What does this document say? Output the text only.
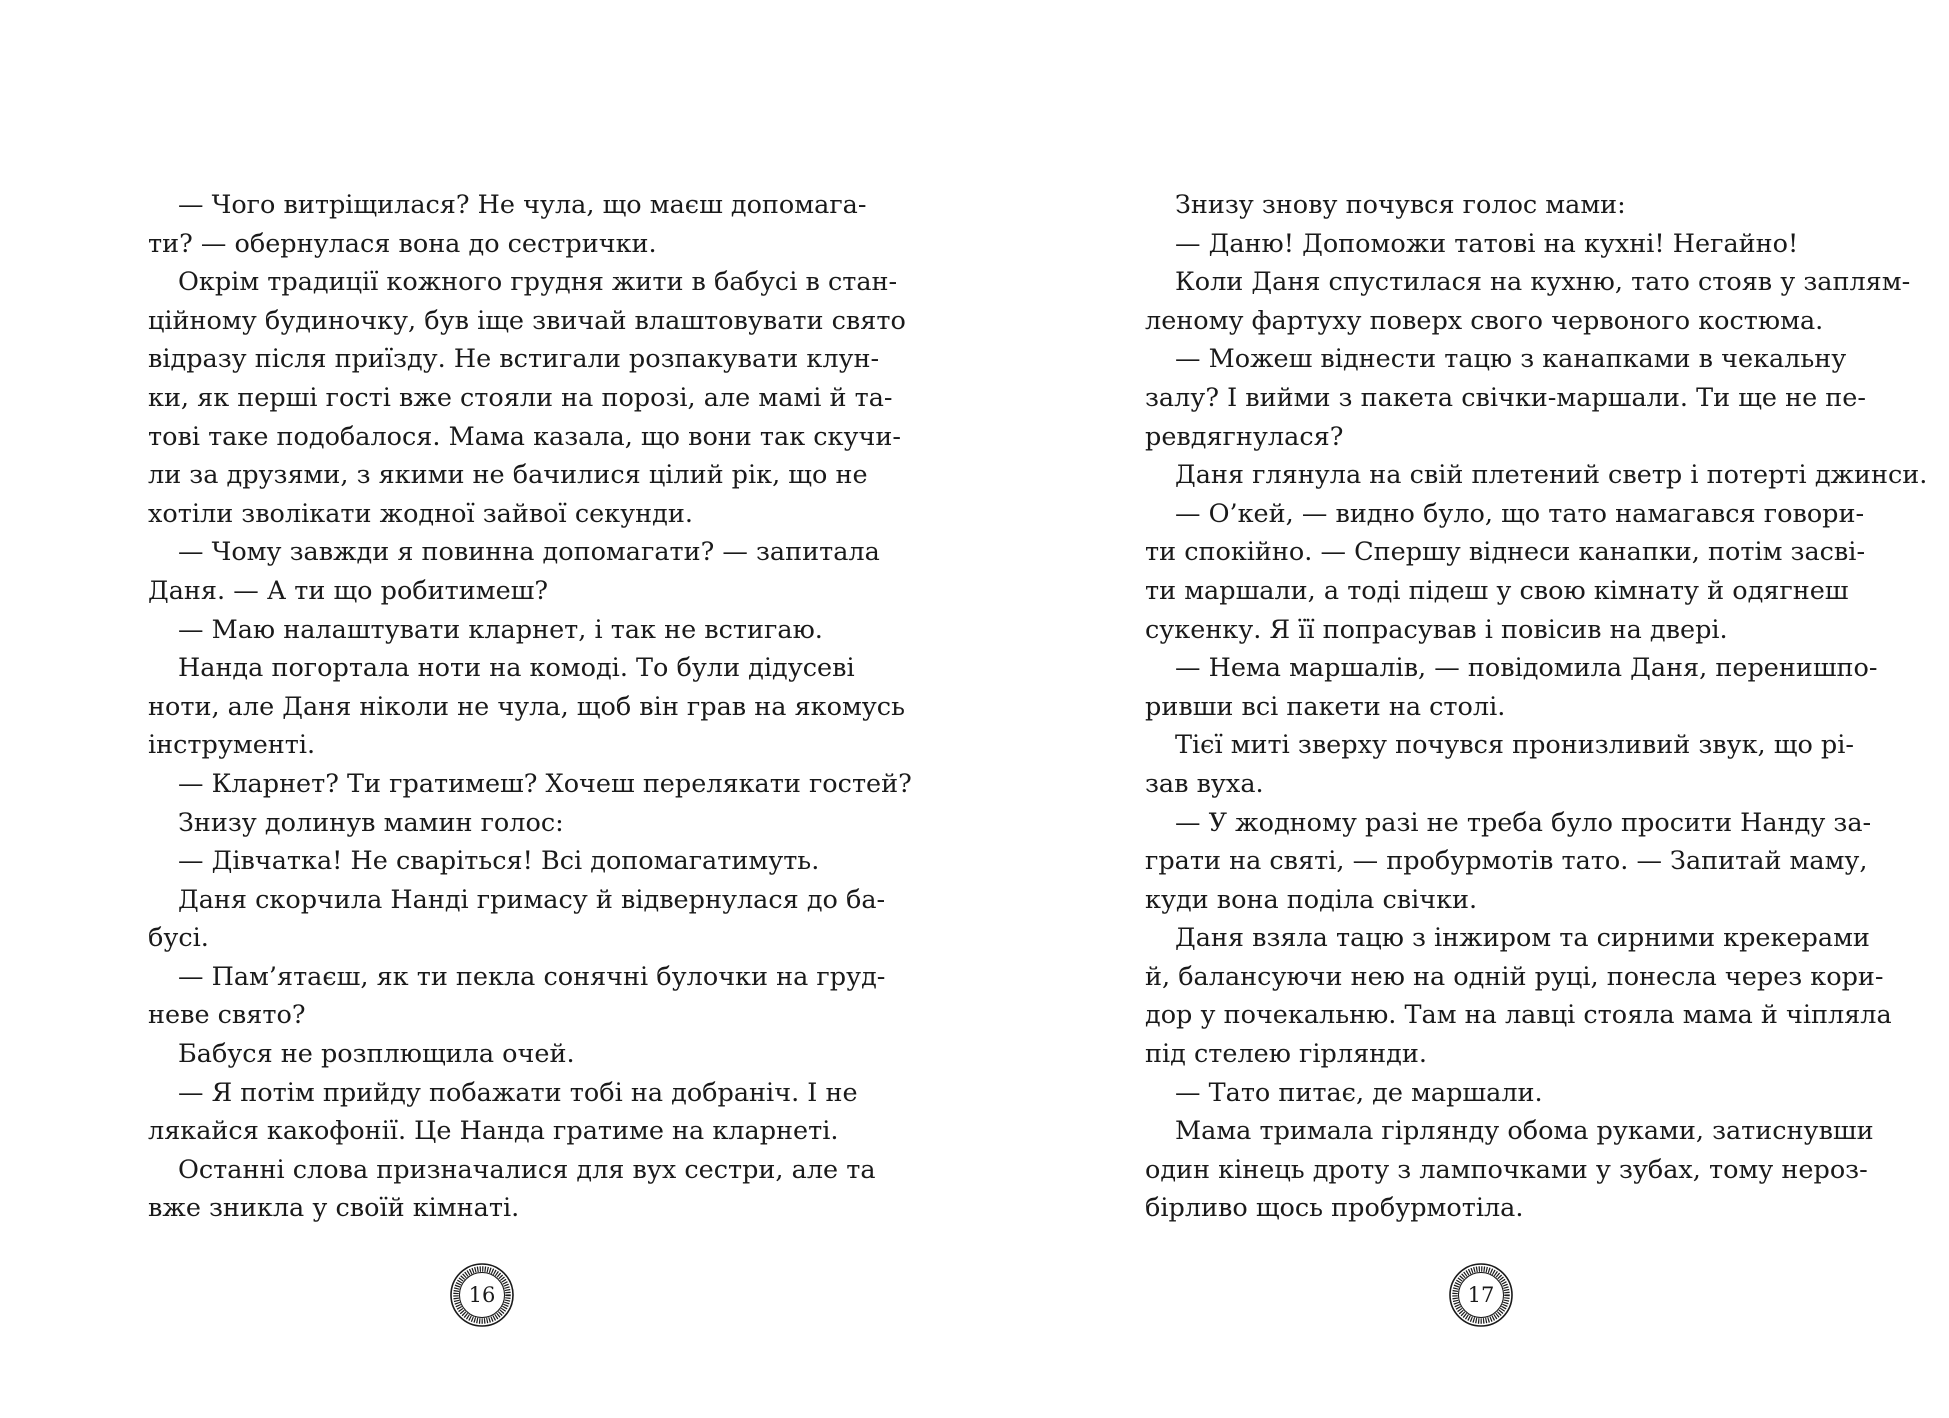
— Чого витріщилася? Не чула, що маєш допомага-
ти? — обернулася вона до сестрички.
Окрім традиції кожного грудня жити в бабусі в стан-
ційному будиночку, був іще звичай влаштовувати свято
відразу після приїзду. Не встигали розпакувати клун-
ки, як перші гості вже стояли на порозі, але мамі й та-
тові таке подобалося. Мама казала, що вони так скучи-
ли за друзями, з якими не бачилися цілий рік, що не
хотіли зволікати жодної зайвої секунди.
— Чому завжди я повинна допомагати? — запитала
Даня. — А ти що робитимеш?
— Маю налаштувати кларнет, і так не встигаю.
Нанда погортала ноти на комоді. То були дідусеві
ноти, але Даня ніколи не чула, щоб він грав на якомусь
інструменті.
— Кларнет? Ти гратимеш? Хочеш перелякати гостей?
Знизу долинув мамин голос:
— Дівчатка! Не сваріться! Всі допомагатимуть.
Даня скорчила Нанді гримасу й відвернулася до ба-
бусі.
— Пам’ятаєш, як ти пекла сонячні булочки на груд-
неве свято?
Бабуся не розплющила очей.
— Я потім прийду побажати тобі на добраніч. І не
лякайся какофонії. Це Нанда гратиме на кларнеті.
Останні слова призначалися для вух сестри, але та
вже зникла у своїй кімнаті.
16
Знизу знову почувся голос мами:
— Даню! Допоможи татові на кухні! Негайно!
Коли Даня спустилася на кухню, тато стояв у заплям-
леному фартуху поверх свого червоного костюма.
— Можеш віднести тацю з канапками в чекальну
залу? І вийми з пакета свічки-маршали. Ти ще не пе-
ревдягнулася?
Даня глянула на свій плетений светр і потерті джинси.
— О’кей, — видно було, що тато намагався говори-
ти спокійно. — Спершу віднеси канапки, потім засві-
ти маршали, а тоді підеш у свою кімнату й одягнеш
сукенку. Я її попрасував і повісив на двері.
— Нема маршалів, — повідомила Даня, перенишпо-
ривши всі пакети на столі.
Тієї миті зверху почувся пронизливий звук, що рі-
зав вуха.
— У жодному разі не треба було просити Нанду за-
грати на святі, — пробурмотів тато. — Запитай маму,
куди вона поділа свічки.
Даня взяла тацю з інжиром та сирними крекерами
й, балансуючи нею на одній руці, понесла через кори-
дор у почекальню. Там на лавці стояла мама й чіпляла
під стелею гірлянди.
— Тато питає, де маршали.
Мама тримала гірлянду обома руками, затиснувши
один кінець дроту з лампочками у зубах, тому нероз-
бірливо щось пробурмотіла.
17
